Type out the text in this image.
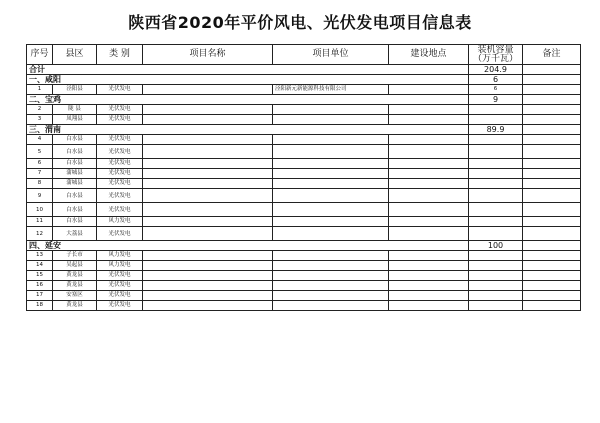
陕西省2020年平价风电、光伏发电项目信息表
序号	县区	类 别	项目名称	项目单位	建设地点	装机容量（万千瓦）	备注
合计						204.9	
一、咸阳						6	
1	泾阳县	光伏发电		泾阳新元新能源科技有限公司		6	
二、宝鸡						9	
2	陇 县	光伏发电					
3	凤翔县	光伏发电					
三、渭南						89.9	
4	白水县	光伏发电					
5	白水县	光伏发电					
6	白水县	光伏发电					
7	蒲城县	光伏发电					
8	蒲城县	光伏发电					
9	白水县	光伏发电					
10	白水县	光伏发电					
11	白水县	风力发电					
12	大荔县	光伏发电					
四、延安						100	
13	子长市	风力发电					
14	吴起县	风力发电					
15	黄龙县	光伏发电					
16	黄龙县	光伏发电					
17	安塞区	光伏发电					
18	黄龙县	光伏发电					
